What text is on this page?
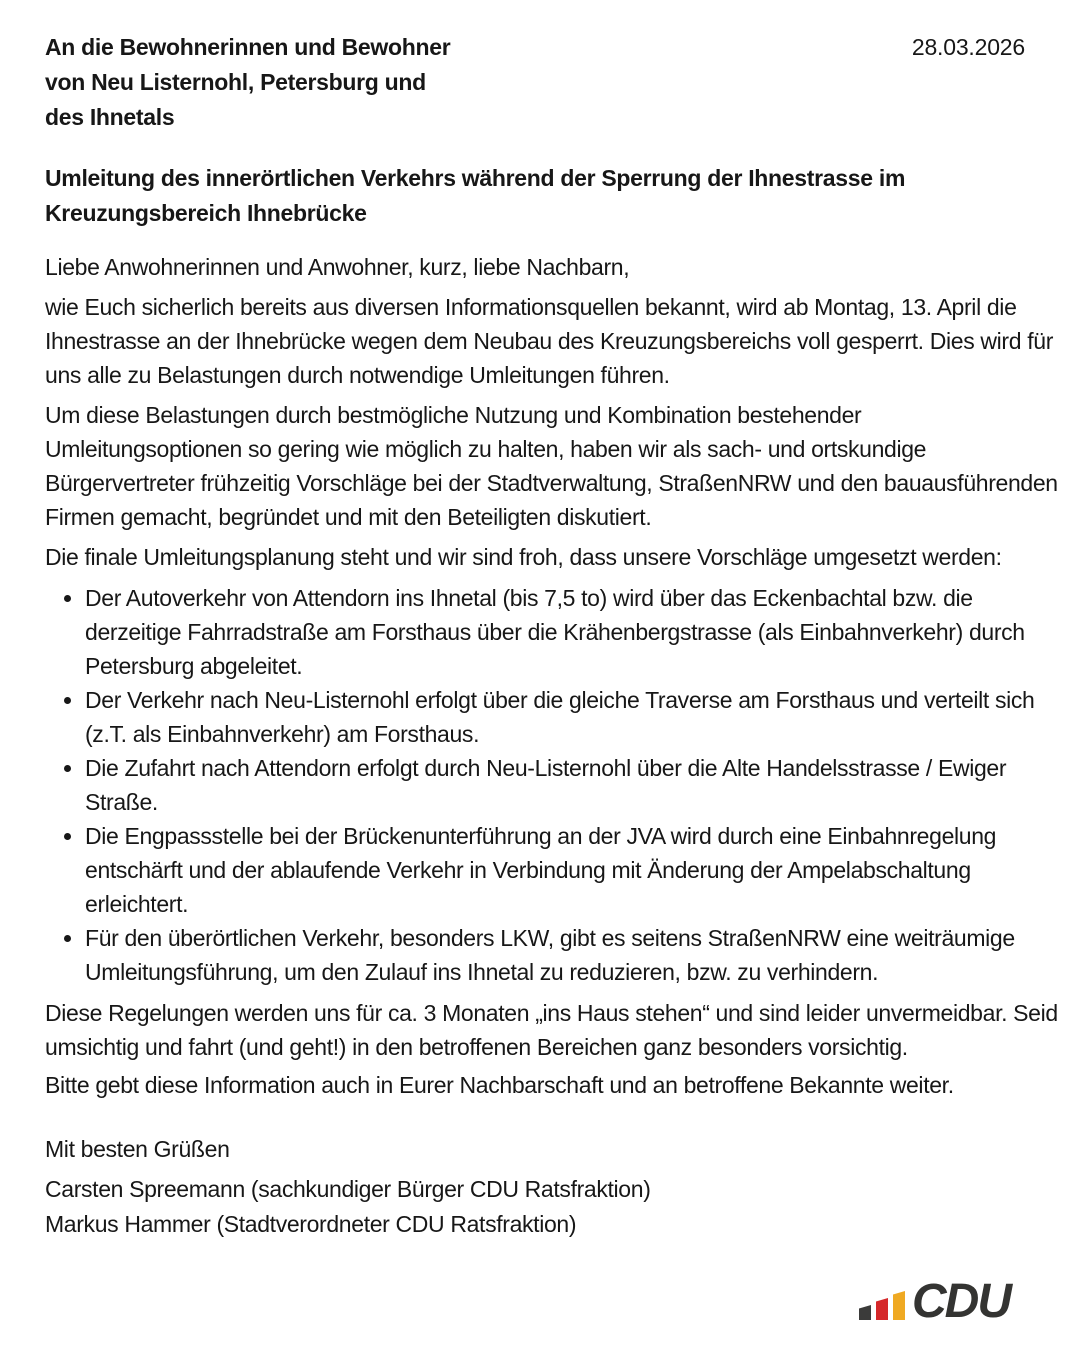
An die Bewohnerinnen und Bewohner
von Neu Listernohl, Petersburg und
des Ihnetals
28.03.2026
Umleitung des innerörtlichen Verkehrs während der Sperrung der Ihnestrasse im Kreuzungsbereich Ihnebrücke
Liebe Anwohnerinnen und Anwohner, kurz, liebe Nachbarn,

wie Euch sicherlich bereits aus diversen Informationsquellen bekannt, wird ab Montag, 13. April die Ihnestrasse an der Ihnebrücke wegen dem Neubau des Kreuzungsbereichs voll gesperrt. Dies wird für uns alle zu Belastungen durch notwendige Umleitungen führen.

Um diese Belastungen durch bestmögliche Nutzung und Kombination bestehender Umleitungsoptionen so gering wie möglich zu halten, haben wir als sach- und ortskundige Bürgervertreter frühzeitig Vorschläge bei der Stadtverwaltung, StraßenNRW und den bauausführenden Firmen gemacht, begründet und mit den Beteiligten diskutiert.

Die finale Umleitungsplanung steht und wir sind froh, dass unsere Vorschläge umgesetzt werden:

• Der Autoverkehr von Attendorn ins Ihnetal (bis 7,5 to) wird über das Eckenbachtal bzw. die derzeitige Fahrradstraße am Forsthaus über die Krähenbergstrasse (als Einbahnverkehr) durch Petersburg abgeleitet.
• Der Verkehr nach Neu-Listernohl erfolgt über die gleiche Traverse am Forsthaus und verteilt sich (z.T. als Einbahnverkehr) am Forsthaus.
• Die Zufahrt nach Attendorn erfolgt durch Neu-Listernohl über die Alte Handelsstrasse / Ewiger Straße.
• Die Engpassstelle bei der Brückenunterführung an der JVA wird durch eine Einbahnregelung entschärft und der ablaufende Verkehr in Verbindung mit Änderung der Ampelabschaltung erleichtert.
• Für den überörtlichen Verkehr, besonders LKW, gibt es seitens StraßenNRW eine weiträumige Umleitungsführung, um den Zulauf ins Ihnetal zu reduzieren, bzw. zu verhindern.

Diese Regelungen werden uns für ca. 3 Monaten „ins Haus stehen“ und sind leider unvermeidbar. Seid umsichtig und fahrt (und geht!) in den betroffenen Bereichen ganz besonders vorsichtig.

Bitte gebt diese Information auch in Eurer Nachbarschaft und an betroffene Bekannte weiter.

Mit besten Grüßen
Carsten Spreemann (sachkundiger Bürger CDU Ratsfraktion)
Markus Hammer (Stadtverordneter CDU Ratsfraktion)
CDU
